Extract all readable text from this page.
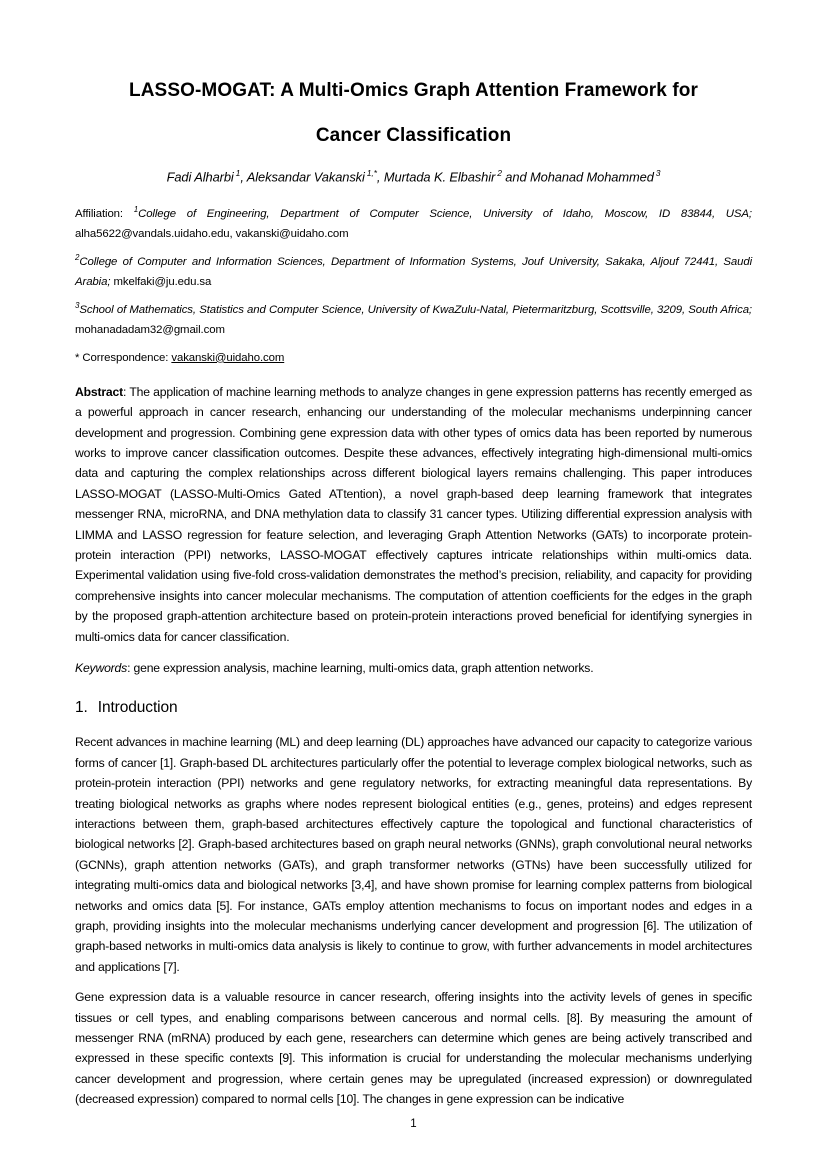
LASSO-MOGAT: A Multi-Omics Graph Attention Framework for
Cancer Classification
Fadi Alharbi $^1$, Aleksandar Vakanski $^{1,*}$, Murtada K. Elbashir $^2$ and Mohanad Mohammed $^3$

Affiliation: $^1$College of Engineering, Department of Computer Science, University of Idaho, Moscow, ID 83844, USA; alha5622@vandals.uidaho.edu, vakanski@uidaho.com

$^2$College of Computer and Information Sciences, Department of Information Systems, Jouf University, Sakaka, Aljouf 72441, Saudi Arabia; mkelfaki@ju.edu.sa

$^3$School of Mathematics, Statistics and Computer Science, University of KwaZulu-Natal, Pietermaritzburg, Scottsville, 3209, South Africa; mohanadadam32@gmail.com

* Correspondence: vakanski@uidaho.com

Abstract: The application of machine learning methods to analyze changes in gene expression patterns has recently emerged as a powerful approach in cancer research, enhancing our understanding of the molecular mechanisms underpinning cancer development and progression. Combining gene expression data with other types of omics data has been reported by numerous works to improve cancer classification outcomes. Despite these advances, effectively integrating high-dimensional multi-omics data and capturing the complex relationships across different biological layers remains challenging. This paper introduces LASSO-MOGAT (LASSO-Multi-Omics Gated ATtention), a novel graph-based deep learning framework that integrates messenger RNA, microRNA, and DNA methylation data to classify 31 cancer types. Utilizing differential expression analysis with LIMMA and LASSO regression for feature selection, and leveraging Graph Attention Networks (GATs) to incorporate protein-protein interaction (PPI) networks, LASSO-MOGAT effectively captures intricate relationships within multi-omics data. Experimental validation using five-fold cross-validation demonstrates the method’s precision, reliability, and capacity for providing comprehensive insights into cancer molecular mechanisms. The computation of attention coefficients for the edges in the graph by the proposed graph-attention architecture based on protein-protein interactions proved beneficial for identifying synergies in multi-omics data for cancer classification.

Keywords: gene expression analysis, machine learning, multi-omics data, graph attention networks.

1. Introduction

Recent advances in machine learning (ML) and deep learning (DL) approaches have advanced our capacity to categorize various forms of cancer [1]. Graph-based DL architectures particularly offer the potential to leverage complex biological networks, such as protein-protein interaction (PPI) networks and gene regulatory networks, for extracting meaningful data representations. By treating biological networks as graphs where nodes represent biological entities (e.g., genes, proteins) and edges represent interactions between them, graph-based architectures effectively capture the topological and functional characteristics of biological networks [2]. Graph-based architectures based on graph neural networks (GNNs), graph convolutional neural networks (GCNNs), graph attention networks (GATs), and graph transformer networks (GTNs) have been successfully utilized for integrating multi-omics data and biological networks [3,4], and have shown promise for learning complex patterns from biological networks and omics data [5]. For instance, GATs employ attention mechanisms to focus on important nodes and edges in a graph, providing insights into the molecular mechanisms underlying cancer development and progression [6]. The utilization of graph-based networks in multi-omics data analysis is likely to continue to grow, with further advancements in model architectures and applications [7].

Gene expression data is a valuable resource in cancer research, offering insights into the activity levels of genes in specific tissues or cell types, and enabling comparisons between cancerous and normal cells. [8]. By measuring the amount of messenger RNA (mRNA) produced by each gene, researchers can determine which genes are being actively transcribed and expressed in these specific contexts [9]. This information is crucial for understanding the molecular mechanisms underlying cancer development and progression, where certain genes may be upregulated (increased expression) or downregulated (decreased expression) compared to normal cells [10]. The changes in gene expression can be indicative

1
